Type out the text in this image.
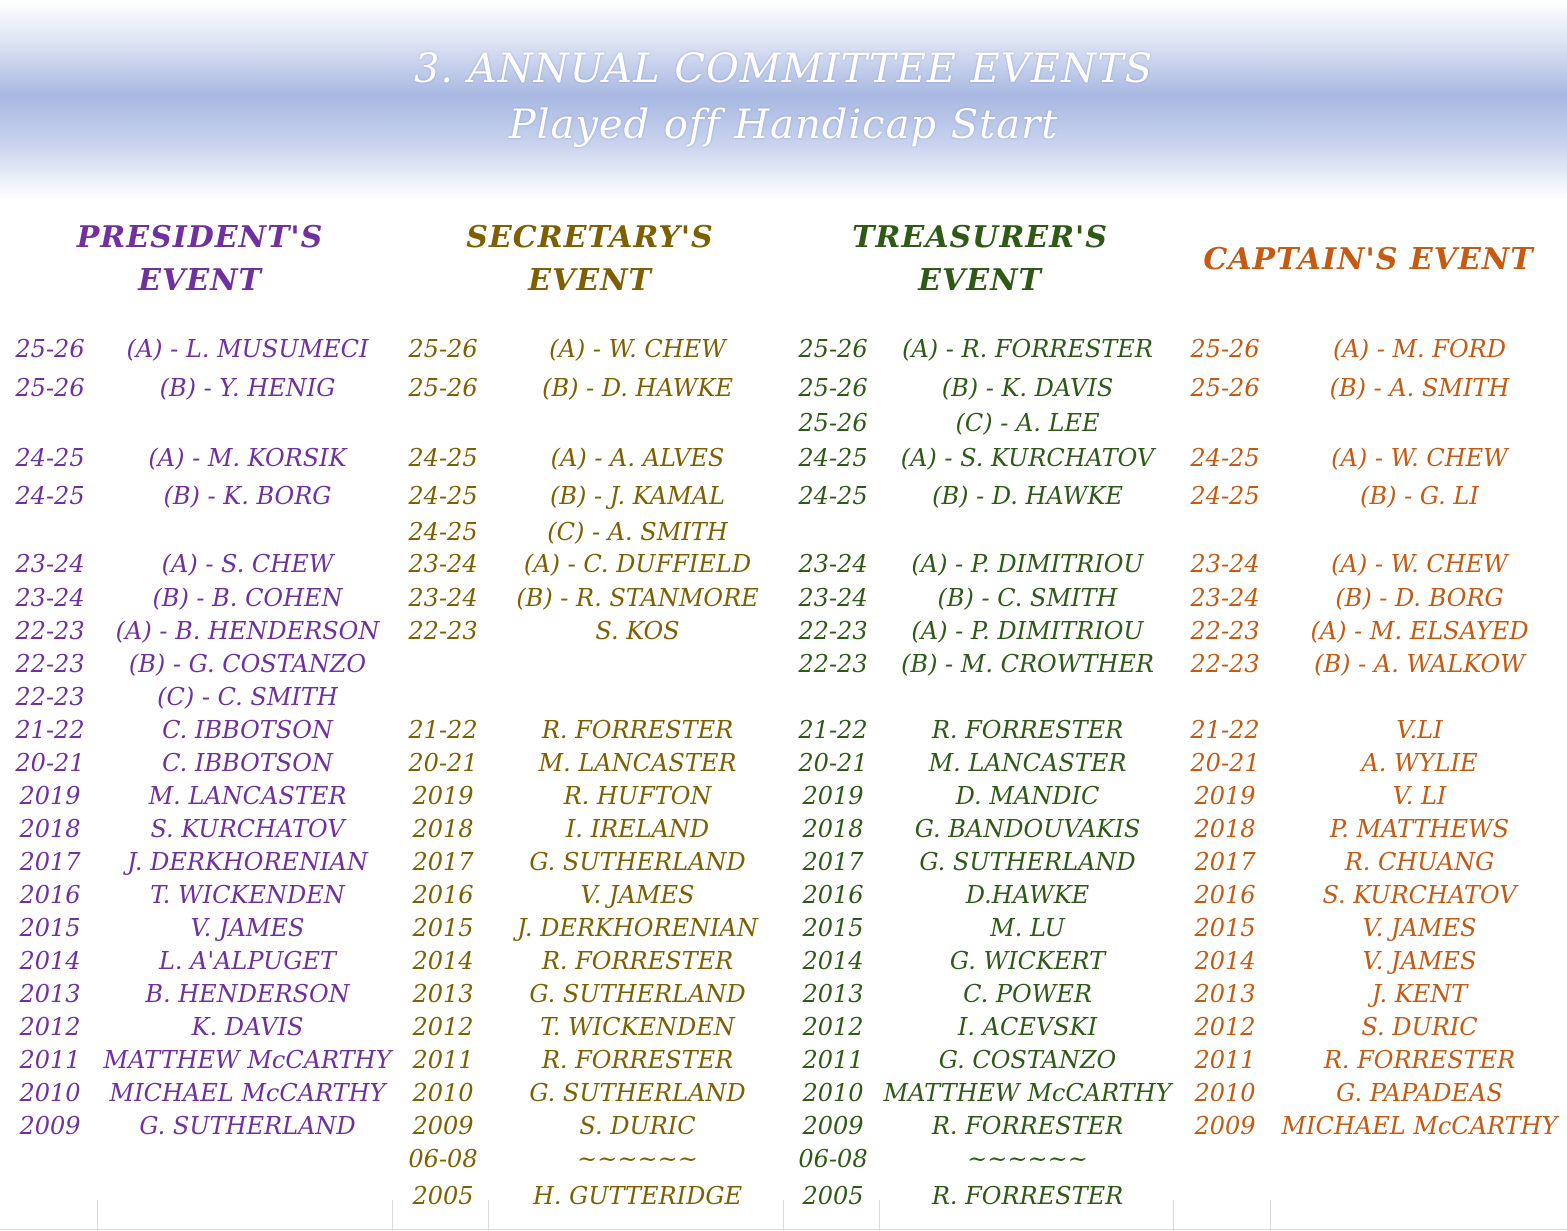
3. ANNUAL COMMITTEE EVENTS
Played off Handicap Start
PRESIDENT'S
EVENT
25-26	(A) - L. MUSUMECI
25-26	(B) - Y. HENIG
24-25	(A) - M. KORSIK
24-25	(B) - K. BORG
23-24	(A) - S. CHEW
23-24	(B) - B. COHEN
22-23	(A) - B. HENDERSON
22-23	(B) - G. COSTANZO
22-23	(C) - C. SMITH
21-22	C. IBBOTSON
20-21	C. IBBOTSON
2019	M. LANCASTER
2018	S. KURCHATOV
2017	J. DERKHORENIAN
2016	T. WICKENDEN
2015	V. JAMES
2014	L. A'ALPUGET
2013	B. HENDERSON
2012	K. DAVIS
2011 MATTHEW McCARTHY
2010	MICHAEL McCARTHY
2009	G. SUTHERLAND
SECRETARY'S
EVENT
25-26	(A) - W. CHEW
25-26	(B) - D. HAWKE
24-25	(A) - A. ALVES
24-25	(B) - J. KAMAL
24-25	(C) - A. SMITH
23-24	(A) - C. DUFFIELD
23-24	(B) - R. STANMORE
22-23	S. KOS
21-22	R. FORRESTER
20-21	M. LANCASTER
2019	R. HUFTON
2018	I. IRELAND
2017	G. SUTHERLAND
2016	V. JAMES
2015	J. DERKHORENIAN
2014	R. FORRESTER
2013	G. SUTHERLAND
2012	T. WICKENDEN
2011	R. FORRESTER
2010	G. SUTHERLAND
2009	S. DURIC
06-08	~~~~~~
2005	H. GUTTERIDGE
TREASURER'S
EVENT
25-26	(A) - R. FORRESTER
25-26	(B) - K. DAVIS
25-26	(C) - A. LEE
24-25	(A) - S. KURCHATOV
24-25	(B) - D. HAWKE
23-24	(A) - P. DIMITRIOU
23-24	(B) - C. SMITH
22-23	(A) - P. DIMITRIOU
22-23	(B) - M. CROWTHER
21-22	R. FORRESTER
20-21	M. LANCASTER
2019	D. MANDIC
2018	G. BANDOUVAKIS
2017	G. SUTHERLAND
2016	D.HAWKE
2015	M. LU
2014	G. WICKERT
2013	C. POWER
2012	I. ACEVSKI
2011	G. COSTANZO
2010 MATTHEW McCARTHY
2009	R. FORRESTER
06-08	~~~~~~
2005	R. FORRESTER
CAPTAIN'S EVENT
25-26	(A) - M. FORD
25-26	(B) - A. SMITH
24-25	(A) - W. CHEW
24-25	(B) - G. LI
23-24	(A) - W. CHEW
23-24	(B) - D. BORG
22-23	(A) - M. ELSAYED
22-23	(B) - A. WALKOW
21-22	V.LI
20-21	A. WYLIE
2019	V. LI
2018	P. MATTHEWS
2017	R. CHUANG
2016	S. KURCHATOV
2015	V. JAMES
2014	V. JAMES
2013	J. KENT
2012	S. DURIC
2011	R. FORRESTER
2010	G. PAPADEAS
2009	MICHAEL McCARTHY
